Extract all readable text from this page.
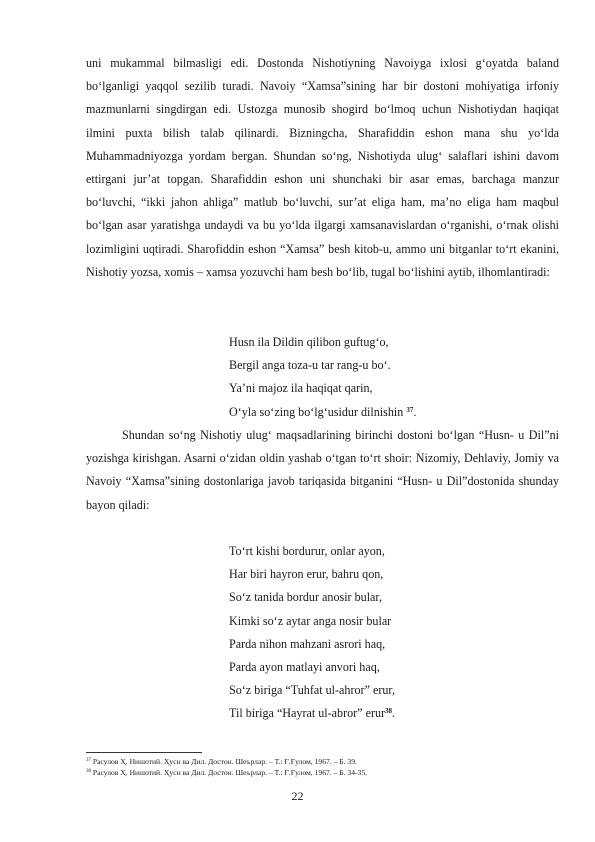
uni mukammal bilmasligi edi. Dostonda Nishotiyning Navoiyga ixlosi g‘oyatda baland bo‘lganligi yaqqol sezilib turadi. Navoiy “Xamsa”sining har bir dostoni mohiyatiga irfoniy mazmunlarni singdirgan edi. Ustozga munosib shogird bo‘lmoq uchun Nishotiydan haqiqat ilmini puxta bilish talab qilinardi. Bizningcha, Sharafiddin eshon mana shu yo‘lda Muhammadniyozga yordam bergan. Shundan so‘ng, Nishotiyda ulug‘ salaflari ishini davom ettirgani jur’at topgan. Sharafiddin eshon uni shunchaki bir asar emas, barchaga manzur bo‘luvchi, “ikki jahon ahliga” matlub bo‘luvchi, sur’at eliga ham, ma’no eliga ham maqbul bo‘lgan asar yaratishga undaydi va bu yo‘lda ilgargi xamsanavislardan o‘rganishi, o‘rnak olishi lozimligini uqtiradi. Sharofiddin eshon “Xamsa” besh kitob-u, ammo uni bitganlar to‘rt ekanini, Nishotiy yozsa, xomis – xamsa yozuvchi ham besh bo‘lib, tugal bo‘lishini aytib, ilhomlantiradi:

Husn ila Dildin qilibon guftug‘o,
Bergil anga toza-u tar rang-u bo‘.
Ya’ni majoz ila haqiqat qarin,
O‘yla so‘zing bo‘lg‘usidur dilnishin $^{37}$.

Shundan so‘ng Nishotiy ulug‘ maqsadlarining birinchi dostoni bo‘lgan “Husn- u Dil”ni yozishga kirishgan. Asarni o‘zidan oldin yashab o‘tgan to‘rt shoir: Nizomiy, Dehlaviy, Jomiy va Navoiy “Xamsa”sining dostonlariga javob tariqasida bitganini “Husn- u Dil”dostonida shunday bayon qiladi:

To‘rt kishi bordurur, onlar ayon,
Har biri hayron erur, bahru qon,
So‘z tanida bordur anosir bular,
Kimki so‘z aytar anga nosir bular
Parda nihon mahzani asrori haq,
Parda ayon matlayi anvori haq,
So‘z biriga “Tuhfat ul-ahror” erur,
Til biriga “Hayrat ul-abror” erur$^{38}$.
$^{37}$ Расулов Ҳ. Нишотий. Ҳусн ва Дил. Достон. Шеърлар. – Т.: Ғ.Ғулом, 1967. – Б. 39.
$^{38}$ Расулов Ҳ. Нишотий. Ҳусн ва Дил. Достон. Шеърлар. – Т.: Ғ.Ғулом, 1967. – Б. 34-35.
22
